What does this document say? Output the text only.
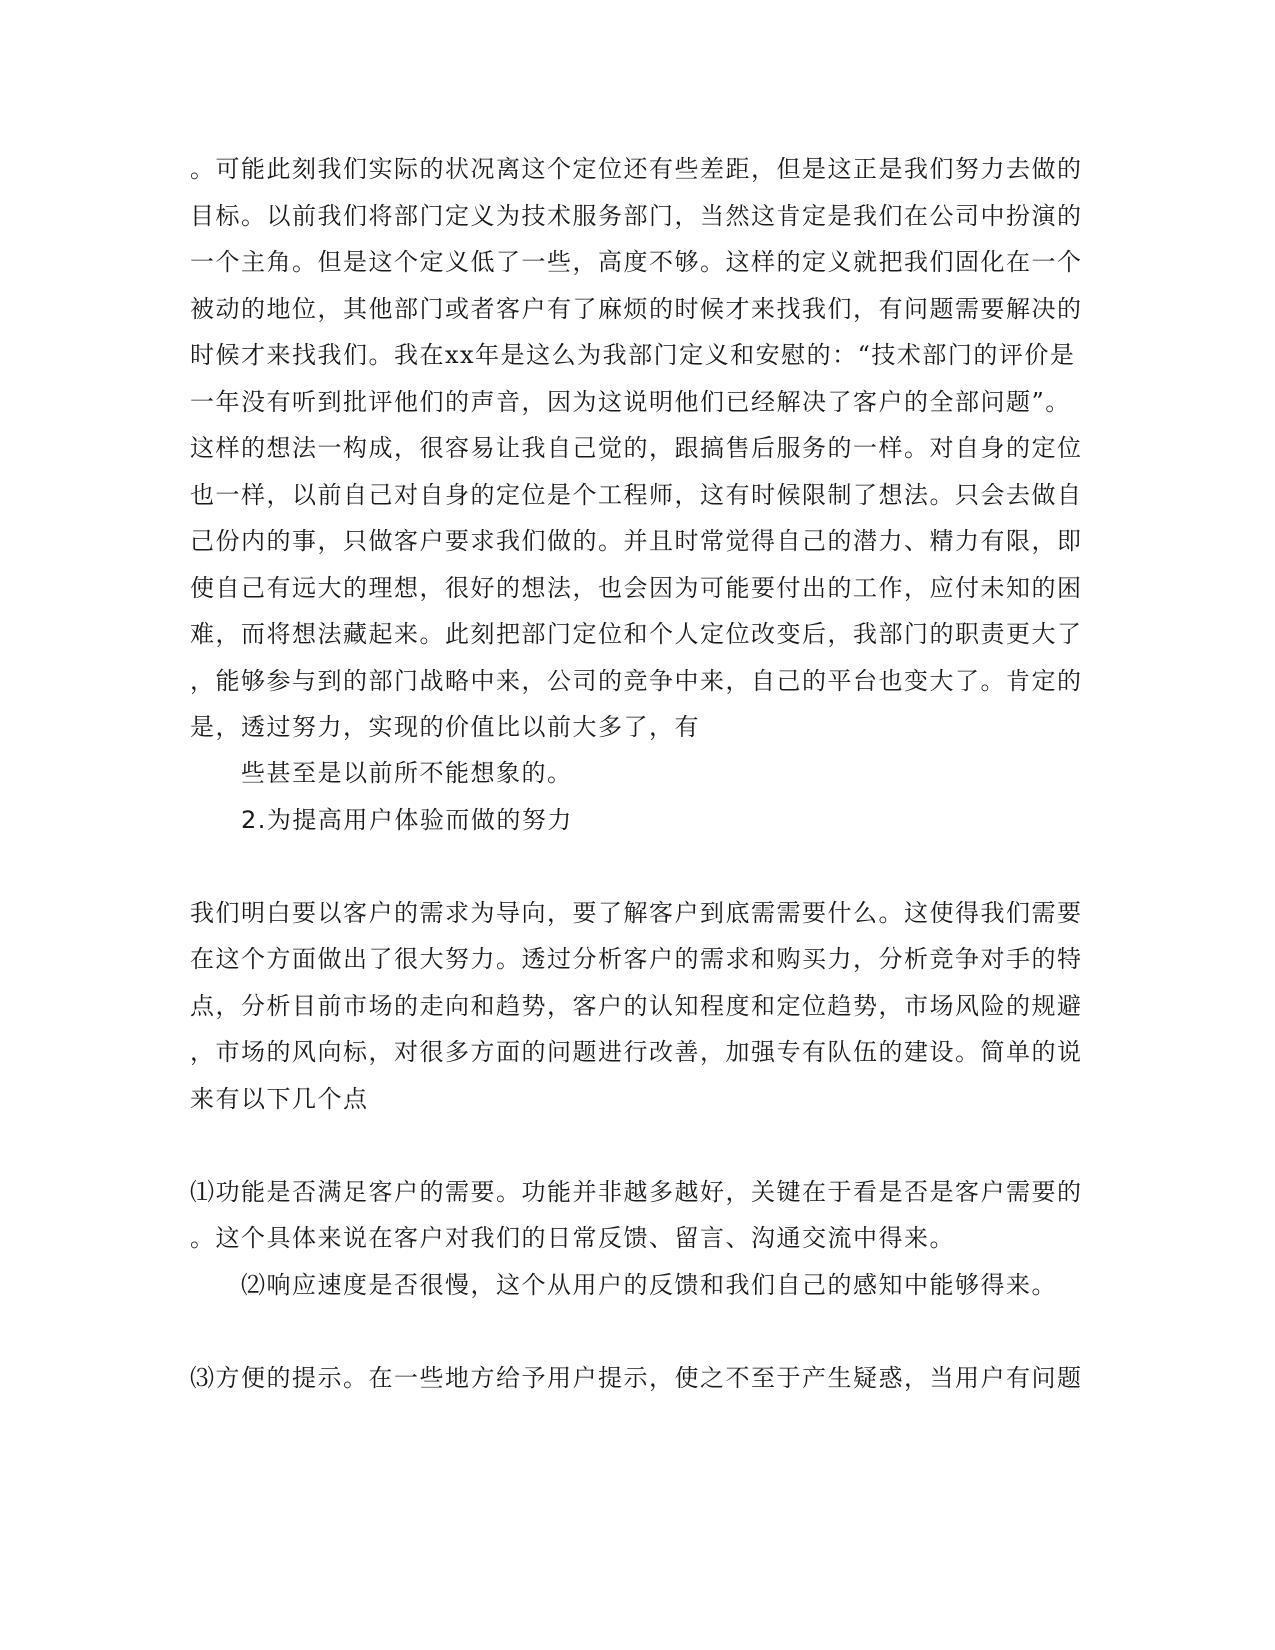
。可能此刻我们实际的状况离这个定位还有些差距，但是这正是我们努力去做的
目标。以前我们将部门定义为技术服务部门，当然这肯定是我们在公司中扮演的
一个主角。但是这个定义低了一些，高度不够。这样的定义就把我们固化在一个
被动的地位，其他部门或者客户有了麻烦的时候才来找我们，有问题需要解决的
时候才来找我们。我在xx年是这么为我部门定义和安慰的：“技术部门的评价是
一年没有听到批评他们的声音，因为这说明他们已经解决了客户的全部问题”。
这样的想法一构成，很容易让我自己觉的，跟搞售后服务的一样。对自身的定位
也一样，以前自己对自身的定位是个工程师，这有时候限制了想法。只会去做自
己份内的事，只做客户要求我们做的。并且时常觉得自己的潜力、精力有限，即
使自己有远大的理想，很好的想法，也会因为可能要付出的工作，应付未知的困
难，而将想法藏起来。此刻把部门定位和个人定位改变后，我部门的职责更大了
，能够参与到的部门战略中来，公司的竞争中来，自己的平台也变大了。肯定的
是，透过努力，实现的价值比以前大多了，有
些甚至是以前所不能想象的。
2.为提高用户体验而做的努力
我们明白要以客户的需求为导向，要了解客户到底需需要什么。这使得我们需要
在这个方面做出了很大努力。透过分析客户的需求和购买力，分析竞争对手的特
点，分析目前市场的走向和趋势，客户的认知程度和定位趋势，市场风险的规避
，市场的风向标，对很多方面的问题进行改善，加强专有队伍的建设。简单的说
来有以下几个点
⑴功能是否满足客户的需要。功能并非越多越好，关键在于看是否是客户需要的
。这个具体来说在客户对我们的日常反馈、留言、沟通交流中得来。
⑵响应速度是否很慢，这个从用户的反馈和我们自己的感知中能够得来。
⑶方便的提示。在一些地方给予用户提示，使之不至于产生疑惑，当用户有问题
